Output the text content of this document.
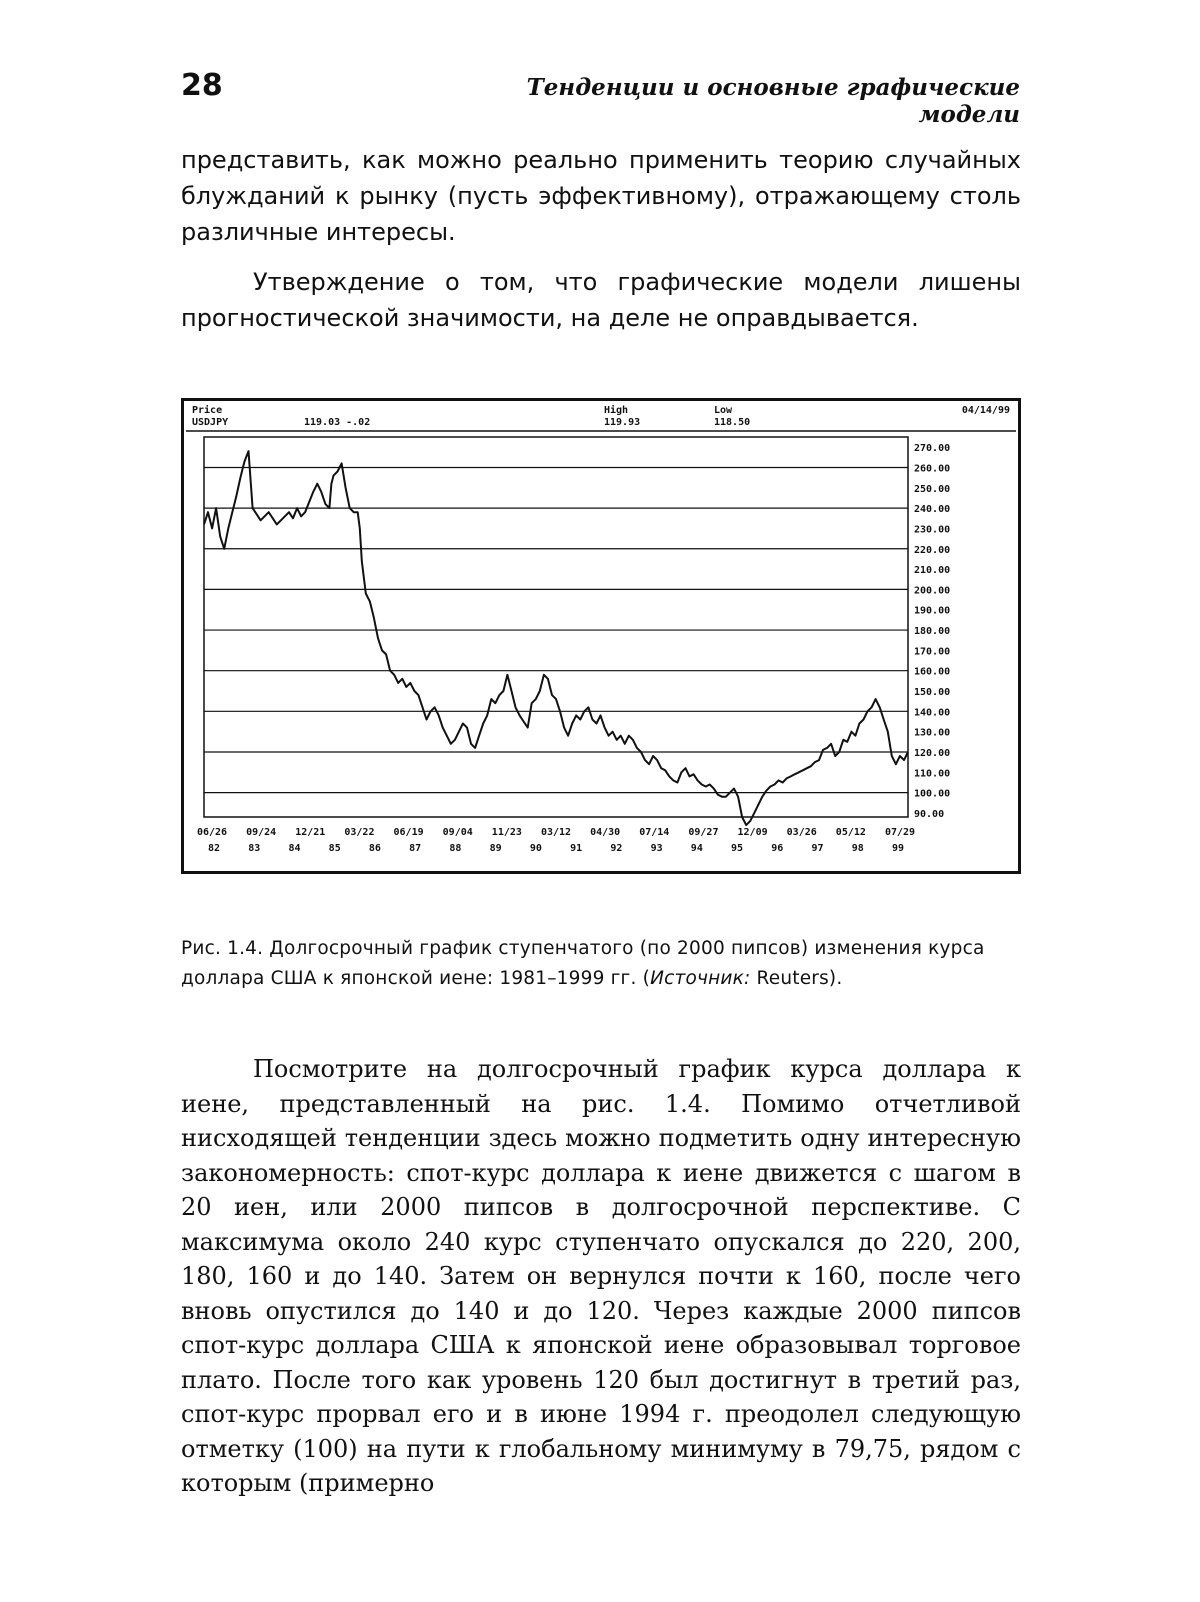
28	Тенденции и основные графические модели

представить, как можно реально применить теорию случайных блужданий к рынку (пусть эффективному), отражающему столь различные интересы.

Утверждение о том, что графические модели лишены прогностической значимости, на деле не оправдывается.

Price
USDJPY	119.03 -.02
High
119.93
Low
118.50
04/14/99
270.00
260.00
250.00
240.00
230.00
220.00
210.00
200.00
190.00
180.00
170.00
160.00
150.00
140.00
130.00
120.00
110.00
100.00
90.00
06/26 09/24 12/21 03/22 06/19 09/04 11/23 03/12 04/30 07/14 09/27 12/09 03/26 05/12 07/29
82	83	84	85	86	87	88	89	90	91	92	93	94	95	96	97	98	99
Рис. 1.4. Долгосрочный график ступенчатого (по 2000 пипсов) изменения курса доллара США к японской иене: 1981–1999 гг. (Источник: Reuters).

Посмотрите на долгосрочный график курса доллара к иене, представленный на рис. 1.4. Помимо отчетливой нисходящей тенденции здесь можно подметить одну интересную закономерность: спот-курс доллара к иене движется с шагом в 20 иен, или 2000 пипсов в долгосрочной перспективе. С максимума около 240 курс ступенчато опускался до 220, 200, 180, 160 и до 140. Затем он вернулся почти к 160, после чего вновь опустился до 140 и до 120. Через каждые 2000 пипсов спот-курс доллара США к японской иене образовывал торговое плато. После того как уровень 120 был достигнут в третий раз, спот-курс прорвал его и в июне 1994 г. преодолел следующую отметку (100) на пути к глобальному минимуму в 79,75, рядом с которым (примерно
